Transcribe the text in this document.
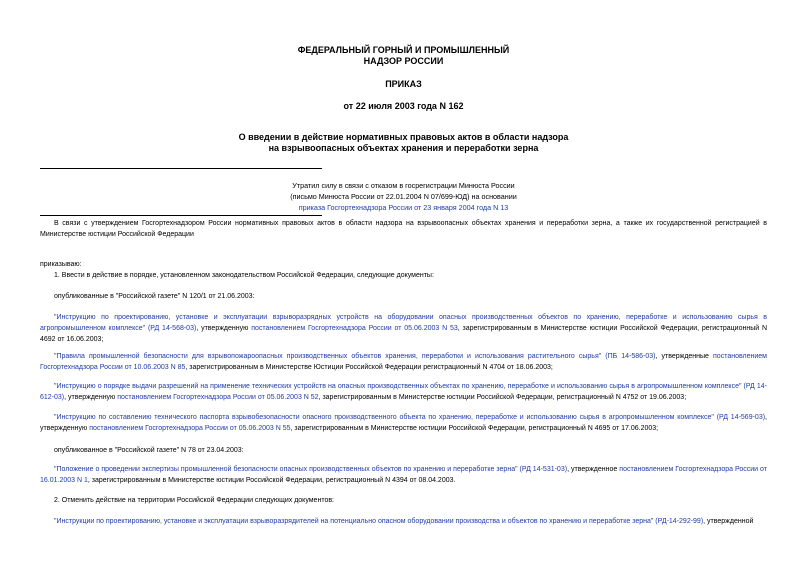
ФЕДЕРАЛЬНЫЙ ГОРНЫЙ И ПРОМЫШЛЕННЫЙ
НАДЗОР РОССИИ
ПРИКАЗ
от 22 июля 2003 года N 162
О введении в действие нормативных правовых актов в области надзора
на взрывоопасных объектах хранения и переработки зерна
Утратил силу в связи с отказом в госрегистрации Минюста России
(письмо Минюста России от 22.01.2004 N 07/699-ЮД) на основании
приказа Госгортехнадзора России от 23 января 2004 года N 13
В связи с утверждением Госгортехнадзором России нормативных правовых актов в области надзора на взрывоопасных объектах хранения и переработки зерна, а также их государственной регистрацией в Министерстве юстиции Российской Федерации
приказываю:
1. Ввести в действие в порядке, установленном законодательством Российской Федерации, следующие документы:
опубликованные в "Российской газете" N 120/1 от 21.06.2003:
"Инструкцию по проектированию, установке и эксплуатации взрыворазрядных устройств на оборудовании опасных производственных объектов по хранению, переработке и использованию сырья в агропромышленном комплексе" (РД 14-568-03), утвержденную постановлением Госгортехнадзора России от 05.06.2003 N 53, зарегистрированным в Министерстве юстиции Российской Федерации, регистрационный N 4692 от 16.06.2003;
"Правила промышленной безопасности для взрывопожароопасных производственных объектов хранения, переработки и использования растительного сырья" (ПБ 14-586-03), утвержденные постановлением Госгортехнадзора России от 10.06.2003 N 85, зарегистрированным в Министерстве Юстиции Российской Федерации регистрационный N 4704 от 18.06.2003;
"Инструкцию о порядке выдачи разрешений на применение технических устройств на опасных производственных объектах по хранению, переработке и использованию сырья в агропромышленном комплексе" (РД 14-612-03), утвержденную постановлением Госгортехнадзора России от 05.06.2003 N 52, зарегистрированным в Министерстве юстиции Российской Федерации, регистрационный N 4752 от 19.06.2003;
"Инструкцию по составлению технического паспорта взрывобезопасности опасного производственного объекта по хранению, переработке и использованию сырья в агропромышленном комплексе" (РД 14-569-03), утвержденную постановлением Госгортехнадзора России от 05.06.2003 N 55, зарегистрированным в Министерстве юстиции Российской Федерации, регистрационный N 4695 от 17.06.2003;
опубликованное в "Российской газете" N 78 от 23.04.2003:
"Положение о проведении экспертизы промышленной безопасности опасных производственных объектов по хранению и переработке зерна" (РД 14-531-03), утвержденное постановлением Госгортехнадзора России от 16.01.2003 N 1, зарегистрированным в Министерстве юстиции Российской Федерации, регистрационный N 4394 от 08.04.2003.
2. Отменить действие на территории Российской Федерации следующих документов:
"Инструкции по проектированию, установке и эксплуатации взрыворазрядителей на потенциально опасном оборудовании производства и объектов по хранению и переработке зерна" (РД-14-292-99), утвержденной
